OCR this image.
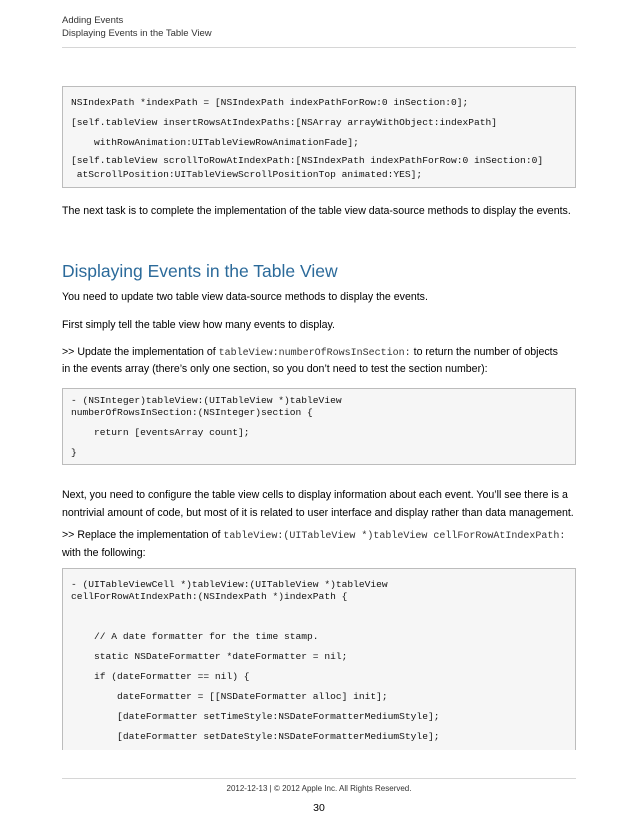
Adding Events
Displaying Events in the Table View
NSIndexPath *indexPath = [NSIndexPath indexPathForRow:0 inSection:0];
[self.tableView insertRowsAtIndexPaths:[NSArray arrayWithObject:indexPath]
withRowAnimation:UITableViewRowAnimationFade];
[self.tableView scrollToRowAtIndexPath:[NSIndexPath indexPathForRow:0 inSection:0]
atScrollPosition:UITableViewScrollPositionTop animated:YES];
The next task is to complete the implementation of the table view data-source methods to display the events.
Displaying Events in the Table View
You need to update two table view data-source methods to display the events.
First simply tell the table view how many events to display.
>> Update the implementation of tableView:numberOfRowsInSection: to return the number of objects
in the events array (there’s only one section, so you don’t need to test the section number):
- (NSInteger)tableView:(UITableView *)tableView
numberOfRowsInSection:(NSInteger)section {
return [eventsArray count];
}
Next, you need to configure the table view cells to display information about each event. You’ll see there is a
nontrivial amount of code, but most of it is related to user interface and display rather than data management.
>> Replace the implementation of tableView:(UITableView *)tableView cellForRowAtIndexPath:
with the following:
- (UITableViewCell *)tableView:(UITableView *)tableView
cellForRowAtIndexPath:(NSIndexPath *)indexPath {
// A date formatter for the time stamp.
static NSDateFormatter *dateFormatter = nil;
if (dateFormatter == nil) {
dateFormatter = [[NSDateFormatter alloc] init];
[dateFormatter setTimeStyle:NSDateFormatterMediumStyle];
[dateFormatter setDateStyle:NSDateFormatterMediumStyle];
2012-12-13 | © 2012 Apple Inc. All Rights Reserved.
30
